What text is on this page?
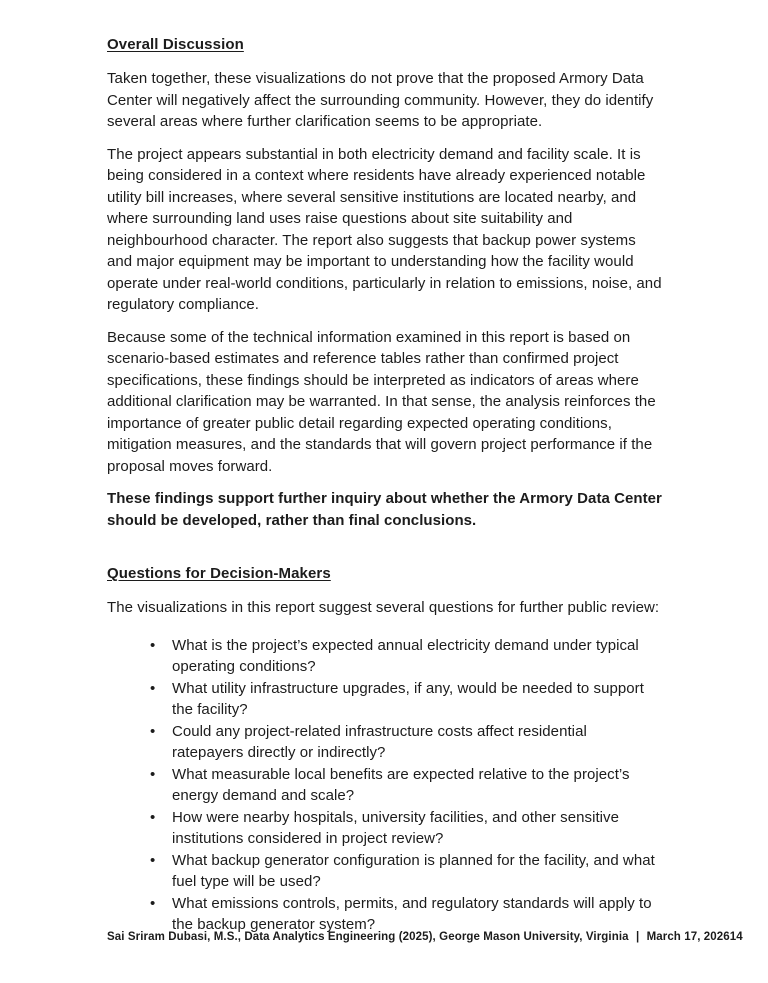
Overall Discussion

Taken together, these visualizations do not prove that the proposed Armory Data Center will negatively affect the surrounding community. However, they do identify several areas where further clarification seems to be appropriate.

The project appears substantial in both electricity demand and facility scale. It is being considered in a context where residents have already experienced notable utility bill increases, where several sensitive institutions are located nearby, and where surrounding land uses raise questions about site suitability and neighbourhood character. The report also suggests that backup power systems and major equipment may be important to understanding how the facility would operate under real-world conditions, particularly in relation to emissions, noise, and regulatory compliance.

Because some of the technical information examined in this report is based on scenario-based estimates and reference tables rather than confirmed project specifications, these findings should be interpreted as indicators of areas where additional clarification may be warranted. In that sense, the analysis reinforces the importance of greater public detail regarding expected operating conditions, mitigation measures, and the standards that will govern project performance if the proposal moves forward.

These findings support further inquiry about whether the Armory Data Center should be developed, rather than final conclusions.

Questions for Decision-Makers

The visualizations in this report suggest several questions for further public review:

• What is the project’s expected annual electricity demand under typical operating conditions?
• What utility infrastructure upgrades, if any, would be needed to support the facility?
• Could any project-related infrastructure costs affect residential ratepayers directly or indirectly?
• What measurable local benefits are expected relative to the project’s energy demand and scale?
• How were nearby hospitals, university facilities, and other sensitive institutions considered in project review?
• What backup generator configuration is planned for the facility, and what fuel type will be used?
• What emissions controls, permits, and regulatory standards will apply to the backup generator system?
Sai Sriram Dubasi, M.S., Data Analytics Engineering (2025), George Mason University, Virginia | March 17, 2026 14
